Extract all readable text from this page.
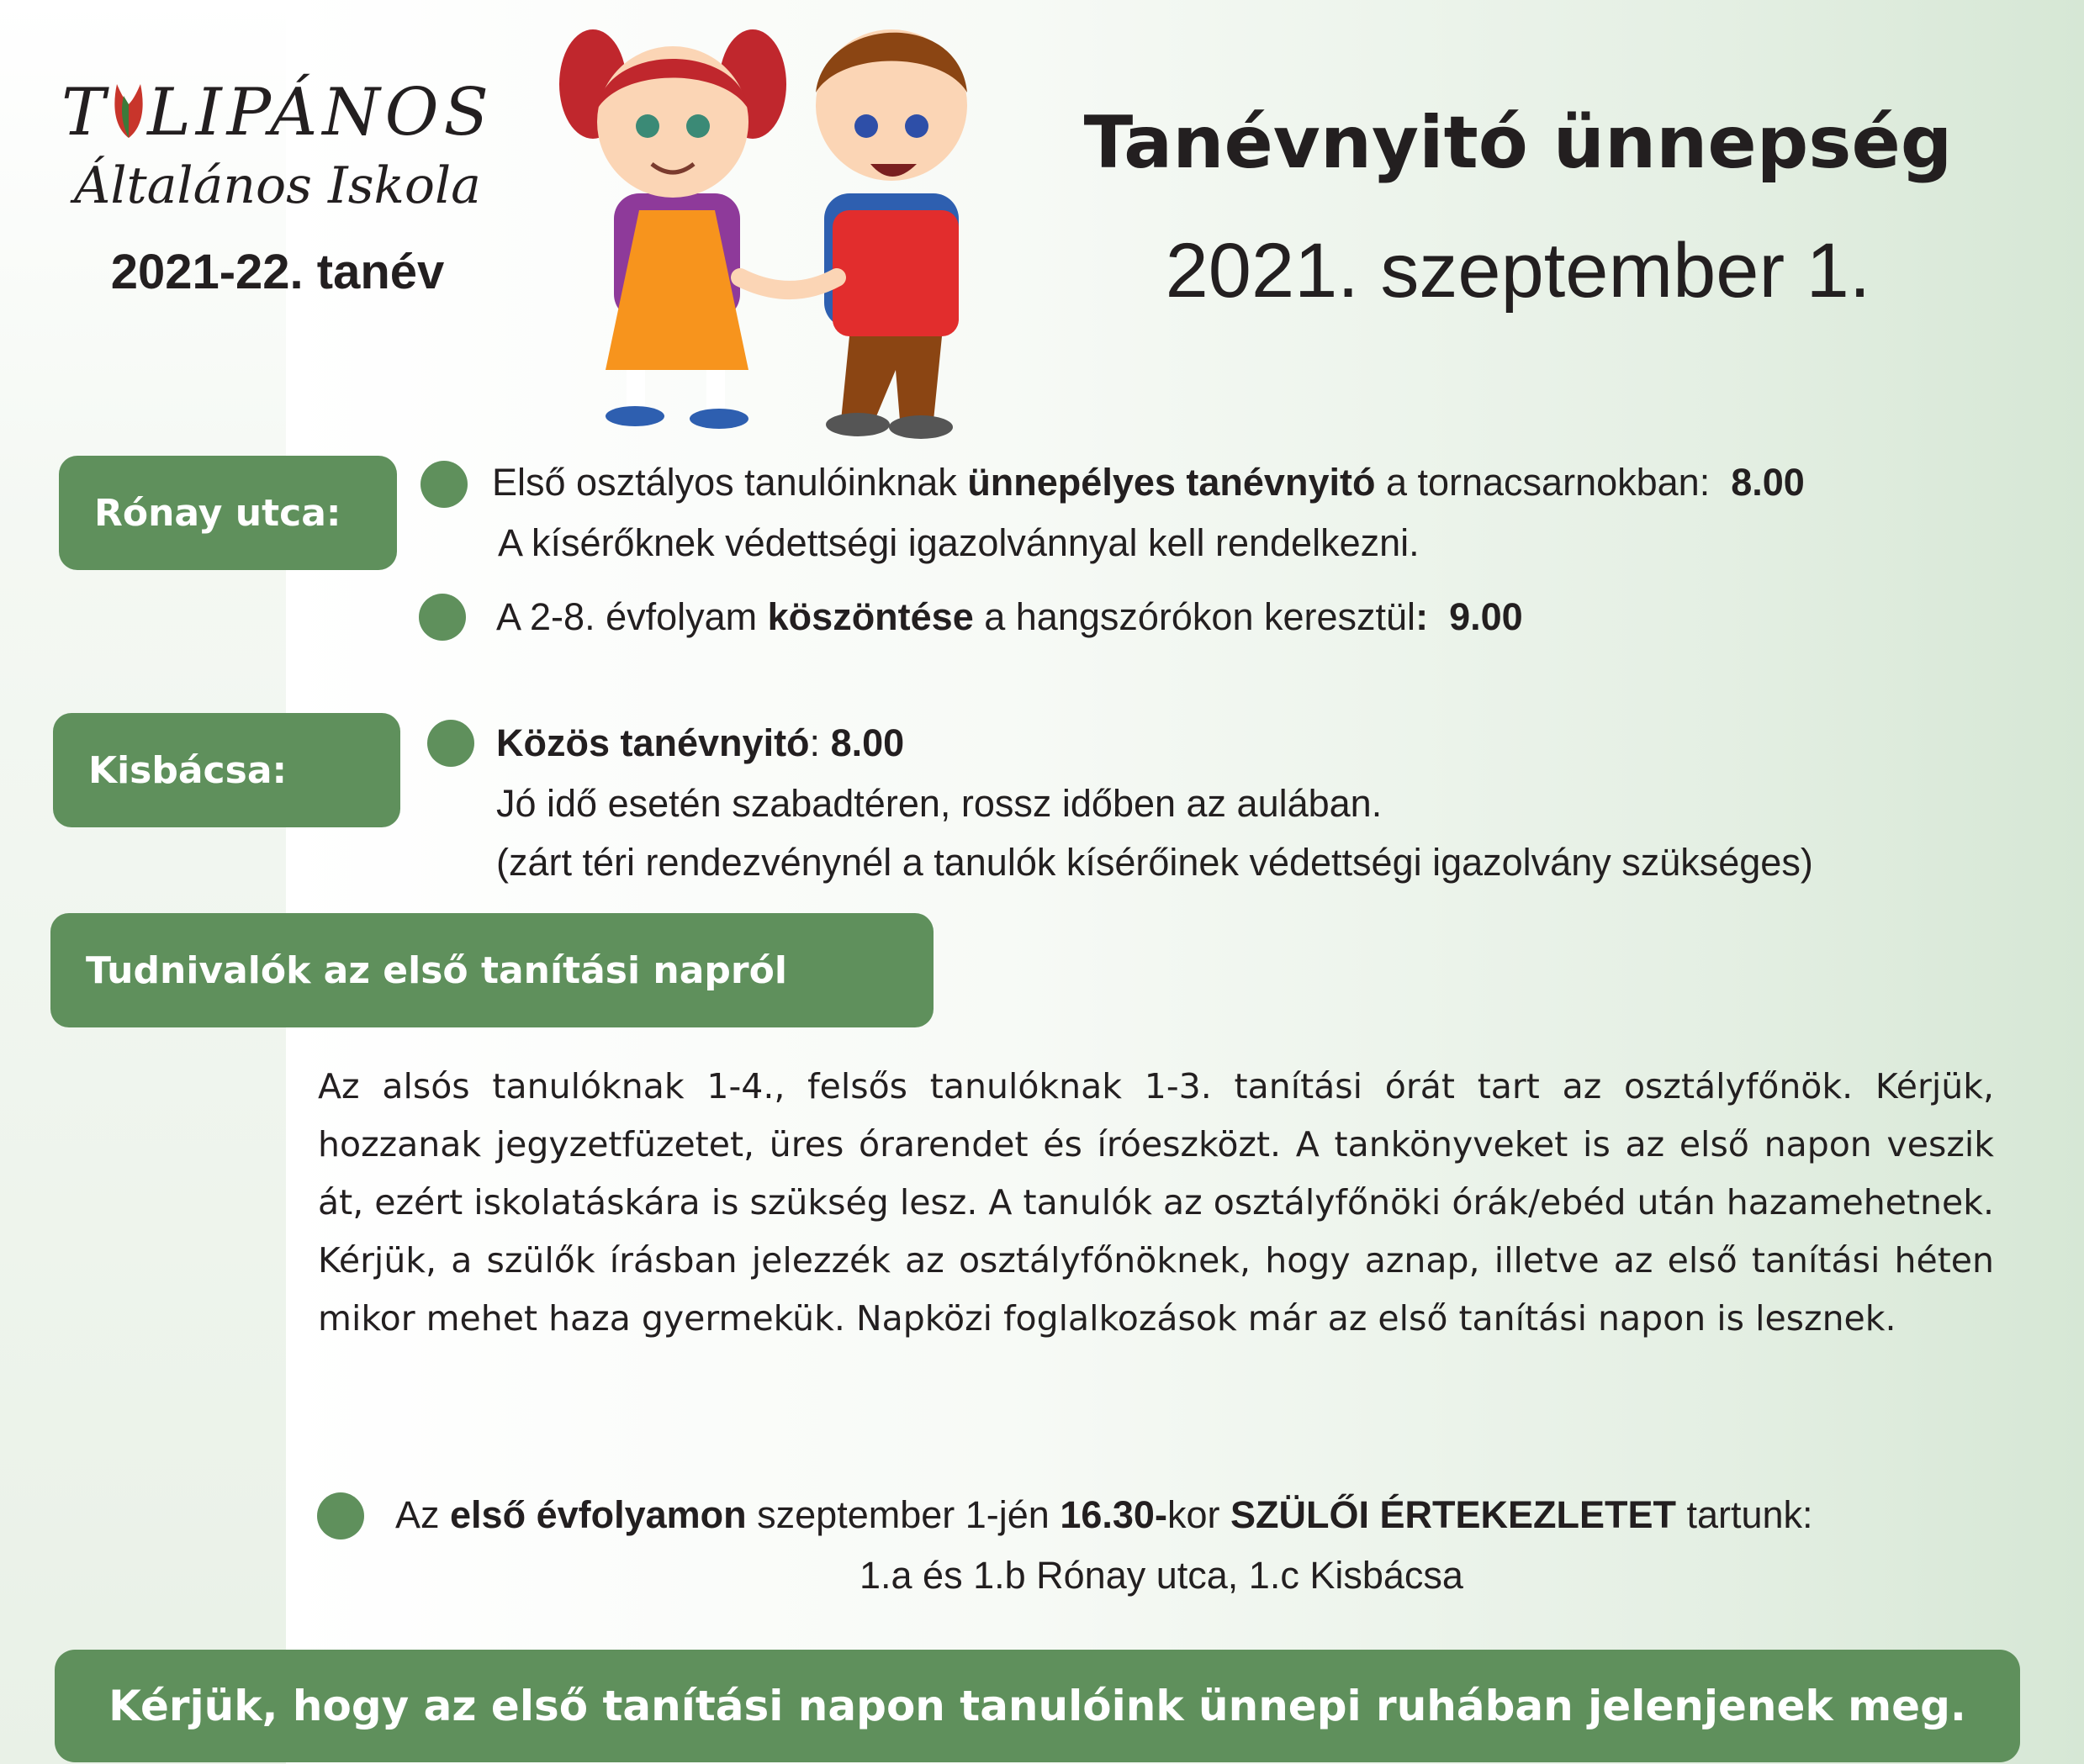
T LIPÁNOS
Általános Iskola
2021-22. tanév
Tanévnyitó ünnepség
2021. szeptember 1.
Rónay utca:
Első osztályos tanulóinknak ünnepélyes tanévnyitó a tornacsarnokban:  8.00
A kísérőknek védettségi igazolvánnyal kell rendelkezni.
A 2-8. évfolyam köszöntése a hangszórókon keresztül:  9.00
Kisbácsa:
Közös tanévnyitó: 8.00
Jó idő esetén szabadtéren, rossz időben az aulában.
(zárt téri rendezvénynél a tanulók kísérőinek védettségi igazolvány szükséges)
Tudnivalók az első tanítási napról
Az alsós tanulóknak 1-4., felsős tanulóknak 1-3. tanítási órát tart az osztályfőnök. Kérjük, hozzanak jegyzetfüzetet, üres órarendet és íróeszközt. A tankönyveket is az első napon veszik át, ezért iskolatáskára is szükség lesz. A tanulók az osztályfőnöki órák/ebéd után hazamehetnek. Kérjük, a szülők írásban jelezzék az osztályfőnöknek, hogy aznap, illetve az első tanítási héten mikor mehet haza gyermekük. Napközi foglalkozások már az első tanítási napon is lesznek.
Az első évfolyamon szeptember 1-jén 16.30-kor SZÜLŐI ÉRTEKEZLETET tartunk:
1.a és 1.b Rónay utca, 1.c Kisbácsa
Kérjük, hogy az első tanítási napon tanulóink ünnepi ruhában jelenjenek meg.
